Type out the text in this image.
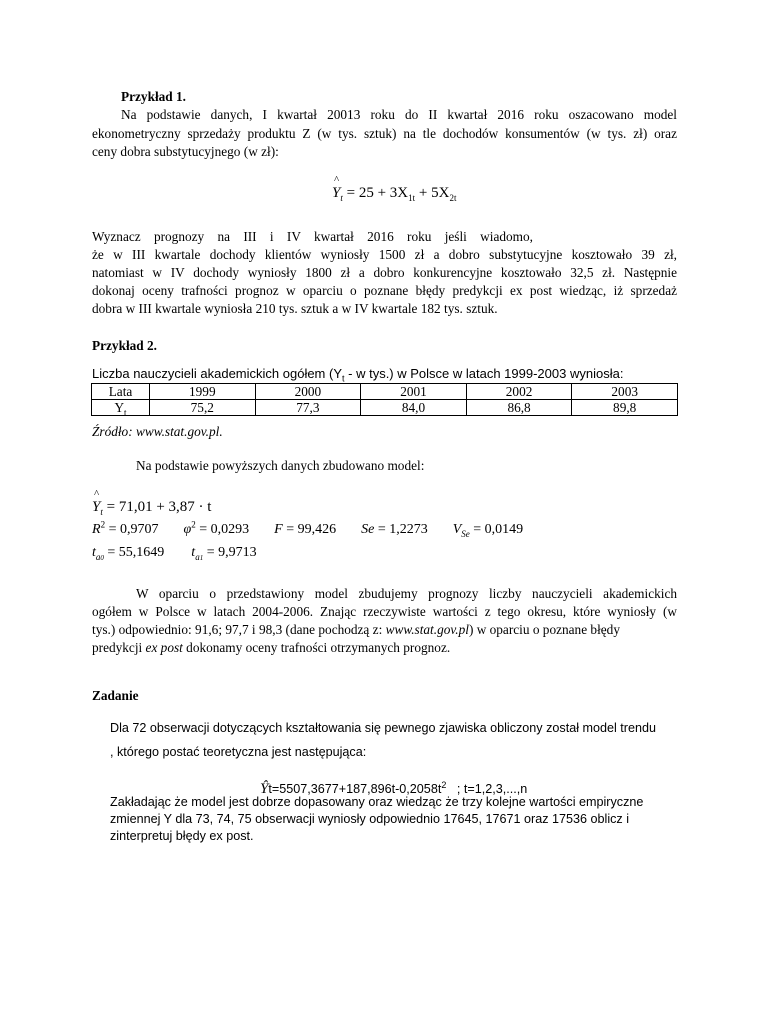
Przykład 1.
Na podstawie danych, I kwartał 20013 roku do II kwartał 2016 roku oszacowano model
ekonometryczny sprzedaży produktu Z (w tys. sztuk) na tle dochodów konsumentów (w tys. zł) oraz
ceny dobra substytucyjnego (w zł):
^
$Y_t = 25 + 3X_{1t} + 5X_{2t}$
Wyznacz    prognozy    na    III    i    IV    kwartał    2016    roku    jeśli    wiadomo,
że w III kwartale dochody klientów wyniosły 1500 zł a dobro substytucyjne kosztowało 39 zł,
natomiast w IV dochody wyniosły 1800 zł a dobro konkurencyjne kosztowało 32,5 zł. Następnie
dokonaj oceny trafności prognoz w oparciu o poznane błędy predykcji ex post wiedząc, iż sprzedaż
dobra w III kwartale wyniosła 210 tys. sztuk a w IV kwartale 182 tys. sztuk.
Przykład 2.
Liczba nauczycieli akademickich ogółem ($Y_t$ - w tys.) w Polsce w latach 1999-2003 wyniosła:
Lata	1999	2000	2001	2002	2003
$Y_t$	75,2	77,3	84,0	86,8	89,8
Źródło: www.stat.gov.pl.
Na podstawie powyższych danych zbudowano model:
^
$Y_t = 71,01 + 3,87 \cdot t$
$R^2 = 0,9707$ $\varphi^2 = 0,0293$ F = 99,426 Se = 1,2273 $V_{Se} = 0,0149$
$t_{a0} = 55,1649$ $t_{a1} = 9,9713$
W  oparciu  o  przedstawiony  model  zbudujemy  prognozy  liczby  nauczycieli  akademickich
ogółem w Polsce w latach 2004-2006. Znając rzeczywiste wartości z tego okresu, które wyniosły (w
tys.) odpowiednio: 91,6; 97,7 i 98,3 (dane pochodzą z: www.stat.gov.pl) w oparciu o poznane błędy
predykcji ex post dokonamy oceny trafności otrzymanych prognoz.
Zadanie
Dla 72 obserwacji dotyczących kształtowania się pewnego zjawiska obliczony został model trendu
, którego postać teoretyczna jest następująca:

$Ŷt=5507,3677+187,896t-0,2058t^2$   ; t=1,2,3,...,n

Zakładając że model jest dobrze dopasowany oraz wiedząc że trzy kolejne wartości empiryczne
zmiennej Y dla 73, 74, 75 obserwacji wyniosły odpowiednio 17645, 17671 oraz 17536 oblicz i
zinterpretuj błędy ex post.
